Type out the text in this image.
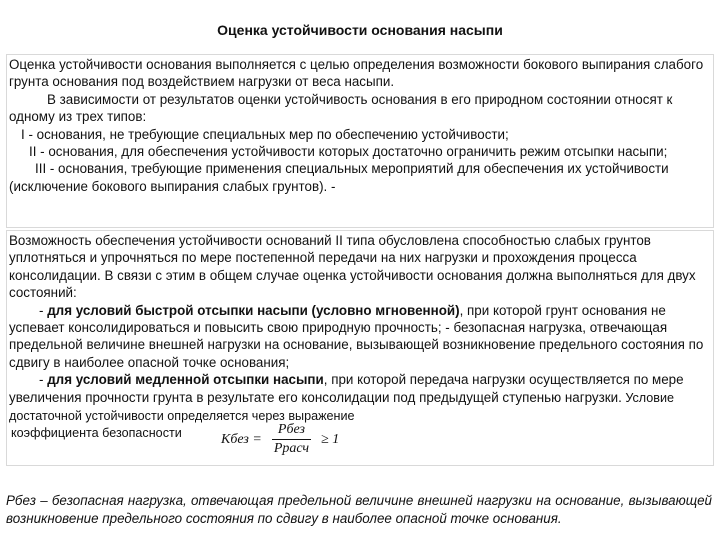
Оценка устойчивости основания насыпи

Оценка устойчивости основания выполняется с целью определения возможности бокового выпирания слабого грунта основания под воздействием нагрузки от веса насыпи.

В зависимости от результатов оценки устойчивость основания в его природном состоянии относят к одному из трех типов:

I - основания, не требующие специальных мер по обеспечению устойчивости;

II - основания, для обеспечения устойчивости которых достаточно ограничить режим отсыпки насыпи;

III - основания, требующие применения специальных мероприятий для обеспечения их устойчивости (исключение бокового выпирания слабых грунтов). -

Возможность обеспечения устойчивости оснований II типа обусловлена способностью слабых грунтов уплотняться и упрочняться по мере постепенной передачи на них нагрузки и прохождения процесса консолидации. В связи с этим в общем случае оценка устойчивости основания должна выполняться для двух состояний:

- для условий быстрой отсыпки насыпи (условно мгновенной), при которой грунт основания не успевает консолидироваться и повысить свою природную прочность; - безопасная нагрузка, отвечающая предельной величине внешней нагрузки на основание, вызывающей возникновение предельного состояния по сдвигу в наиболее опасной точке основания;

- для условий медленной отсыпки насыпи, при которой передача нагрузки осуществляется по мере увеличения прочности грунта в результате его консолидации под предыдущей ступенью нагрузки. Условие достаточной устойчивости определяется через выражение

коэффициента безопасности	Kбез = $\frac{\text{Pбез}}{\text{Pрасч}} \ge 1$

Pбез – безопасная нагрузка, отвечающая предельной величине внешней нагрузки на основание, вызывающей возникновение предельного состояния по сдвигу в наиболее опасной точке основания.
